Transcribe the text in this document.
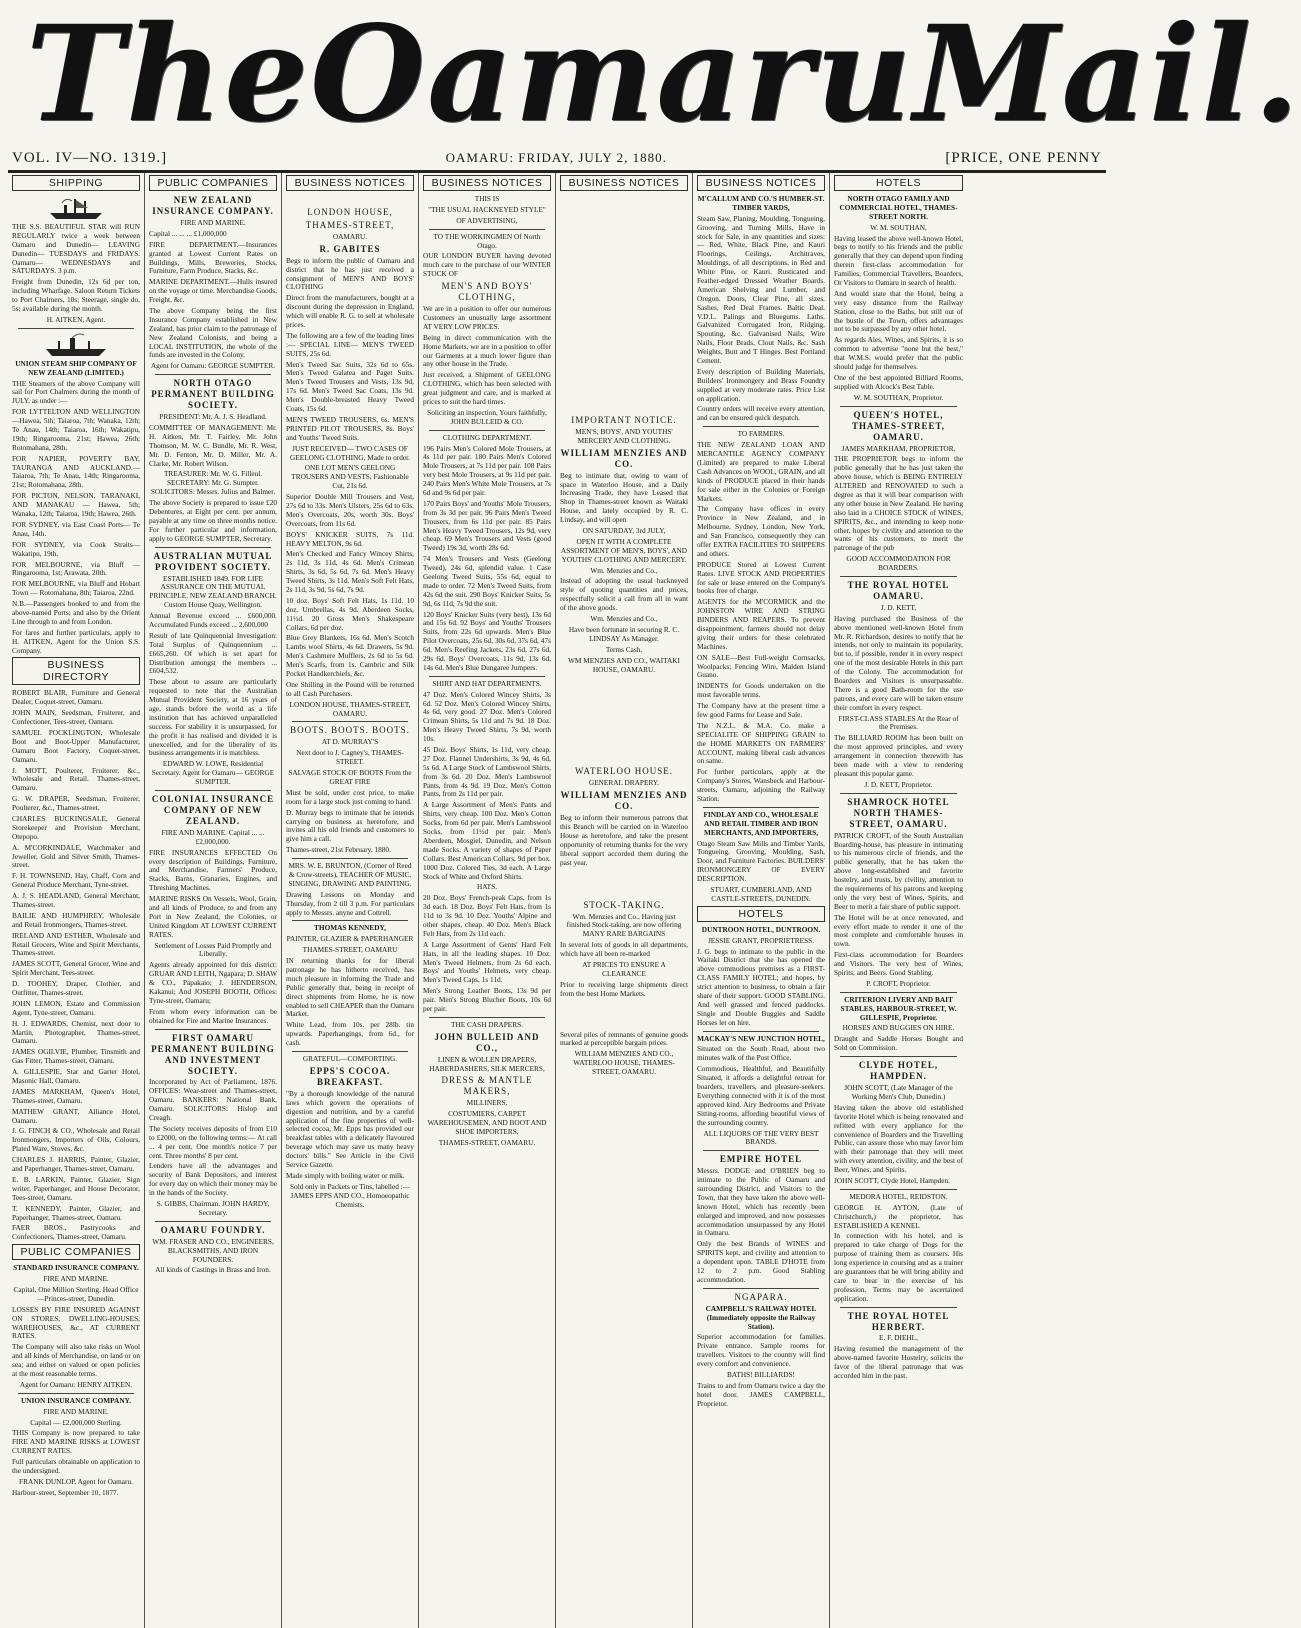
The Oamaru Mail.
VOL. IV—NO. 1319.]	OAMARU: FRIDAY, JULY 2, 1880.	[PRICE, ONE PENNY
SHIPPING

THE S.S. BEAUTIFUL STAR will RUN REGULARLY twice a week between Oamaru and Dunedin— LEAVING Dunedin— TUESDAYS and FRIDAYS. Oamaru— WEDNESDAYS and SATURDAYS. 3 p.m.

Freight from Dunedin, 12s 6d per ton, including Wharfage. Saloon Return Tickets to Port Chalmers, 10s; Steerage, single do, 5s; available during the month.

H. AITKEN, Agent.

UNION STEAM SHIP COMPANY OF NEW ZEALAND (LIMITED.)

THE Steamers of the above Company will sail for Port Chalmers during the month of JULY, as under :—

FOR LYTTELTON AND WELLINGTON —Hawea, 5th; Taiaroa, 7th; Wanaka, 12th; Te Anau, 14th; Taiaroa, 16th; Wakatipu, 19th; Ringarooma, 21st; Hawea, 26th; Rotomahana, 28th.

FOR NAPIER, POVERTY BAY, TAURANGA AND AUCKLAND.—Taiaroa, 7th; Te Anau, 14th; Ringarooma, 21st; Rotomahana, 28th.

FOR PICTON, NELSON, TARANAKI, AND MANAKAU — Hawea, 5th; Wanaka, 12th; Taiaroa, 19th; Hawea, 26th.

FOR SYDNEY, via East Coast Ports— Te Anau, 14th.

FOR SYDNEY, via Cook Straits—Wakatipu, 19th.

FOR MELBOURNE, via Bluff — Ringarooma, 1st; Arawata, 20th.

FOR MELBOURNE, via Bluff and Hobart Town — Rotomahana, 8th; Taiaroa, 22nd.

N.B.—Passengers booked to and from the above-named Ports; and also by the Orient Line through to and from London.

For fares and further particulars, apply to H. AITKEN, Agent for the Union S.S. Company.

BUSINESS DIRECTORY

ROBERT BLAIR, Furniture and General Dealer, Coquet-street, Oamaru.

JOHN MAIN, Seedsman, Fruiterer, and Confectioner, Tees-street, Oamaru.

SAMUEL POCKLINGTON, Wholesale Boot and Boot-Upper Manufacturer, Oamaru Boot Factory, Coquet-street, Oamaru.

J. MOTT, Poulterer, Fruiterer, &c., Wholesale and Retail. Thames-street, Oamaru.

G. W. DRAPER, Seedsman, Fruiterer, Poulterer, &c., Thames-street.

CHARLES BUCKINGSALE, General Storekeeper and Provision Merchant, Otepopo.

A. M'CORKINDALE, Watchmaker and Jeweller, Gold and Silver Smith, Thames-street.

F. H. TOWNSEND, Hay, Chaff, Corn and General Produce Merchant, Tyne-street.

A. J. S. HEADLAND, General Merchant, Thames-street.

BAILIE AND HUMPHREY, Wholesale and Retail Ironmongers, Thames-street.

IRELAND AND ESTHER, Wholesale and Retail Grocers, Wine and Spirit Merchants, Thames-street.

JAMES SCOTT, General Grocer, Wine and Spirit Merchant, Tees-street.

D. TOOHEY, Draper, Clothier, and Outfitter, Thames-street.

JOHN LEMON, Estate and Commission Agent, Tyne-street, Oamaru.

H. J. EDWARDS, Chemist, next door to Martin, Photographer, Thames-street, Oamaru.

JAMES OGILVIE, Plumber, Tinsmith and Gas Fitter, Thames-street, Oamaru.

A. GILLESPIE, Star and Garter Hotel, Masonic Hall, Oamaru.

JAMES MARKHAM, Queen's Hotel, Thames-street, Oamaru.

MATHEW GRANT, Alliance Hotel, Oamaru.

J. G. FINCH & CO., Wholesale and Retail Ironmongers, Importers of Oils, Colours, Plated Ware, Stoves, &c.

CHARLES J. HARRIS, Painter, Glazier, and Paperhanger, Thames-street, Oamaru.

E. B. LARKIN, Painter, Glazier, Sign writer, Paperhanger, and House Decorator, Tees-street, Oamaru.

T. KENNEDY, Painter, Glazier, and Paperhanger, Thames-street, Oamaru.

FAER BROS., Pastrycooks and Confectioners, Thames-street, Oamaru.

PUBLIC COMPANIES

STANDARD INSURANCE COMPANY.

FIRE AND MARINE.

Capital, One Million Sterling. Head Office—Princes-street, Dunedin.

LOSSES BY FIRE INSURED AGAINST ON STORES, DWELLING-HOUSES, WAREHOUSES, &c., AT CURRENT RATES.

The Company will also take risks on Wool and all kinds of Merchandise, on land or on sea; and either on valued or open policies at the most reasonable terms.

Agent for Oamaru: HENRY AITKEN.

UNION INSURANCE COMPANY.

FIRE AND MARINE.

Capital — £2,000,000 Sterling.

THIS Company is now prepared to take FIRE AND MARINE RISKS at LOWEST CURRENT RATES.

Full particulars obtainable on application to the undersigned.

FRANK DUNLOP, Agent for Oamaru.

Harbour-street, September 10, 1877.

PUBLIC COMPANIES

NEW ZEALAND INSURANCE COMPANY.

FIRE AND MARINE.

Capital ... ... ... £1,000,000

FIRE DEPARTMENT.—Insurances granted at Lowest Current Rates on Buildings, Mills, Breweries, Stocks, Furniture, Farm Produce, Stacks, &c.

MARINE DEPARTMENT.—Hulls insured on the voyage or time. Merchandise Goods, Freight, &c.

The above Company being the first Insurance Company established in New Zealand, has prior claim to the patronage of New Zealand Colonists, and being a LOCAL INSTITUTION, the whole of the funds are invested in the Colony.

Agent for Oamaru: GEORGE SUMPTER.

NORTH OTAGO PERMANENT BUILDING SOCIETY.

PRESIDENT: Mr. A. J. S. Headland.

COMMITTEE OF MANAGEMENT: Mr. H. Aitken, Mr. T. Fairley, Mr. John Thomson, M. W. C. Bundle, Mr. R. West, Mr. D. Fenton, Mr. D. Miller, Mr. A. Clarke, Mr. Robert Wilson.

TREASURER: Mr. W. G. Filleul. SECRETARY: Mr. G. Sumpter. SOLICITORS: Messrs. Julius and Balmer.

The above Society is prepared to issue £20 Debentures, at Eight per cent. per annum, payable at any time on three months notice. For further particular and information, apply to GEORGE SUMPTER, Secretary.

AUSTRALIAN MUTUAL PROVIDENT SOCIETY.

ESTABLISHED 1849. FOR LIFE ASSURANCE ON THE MUTUAL PRINCIPLE. NEW ZEALAND BRANCH. Custom House Quay, Wellington.

Annual Revenue exceed ... £600,000. Accumulated Funds exceed ... 2,600,000

Result of late Quinquennial Investigation: Total Surplus of Quinquennium ...£665,260. Of which is set apart for Distribution amongst the members ...£604,532.

These about to assure are particularly requested to note that the Australian Mutual Provident Society, at 16 years of age, stands before the world as a life institution that has achieved unparalleled success. For stability it is unsurpassed, for the profit it has realised and divided it is unexcelled, and for the liberality of its business arrangements it is matchless.

EDWARD W. LOWE, Residential Secretary. Agent for Oamaru— GEORGE SUMPTER.

COLONIAL INSURANCE COMPANY OF NEW ZEALAND.

FIRE AND MARINE. Capital ... ... £2,000,000.

FIRE INSURANCES EFFECTED On every description of Buildings, Furniture, and Merchandise, Farmers' Produce, Stacks, Barns, Granaries, Engines, and Threshing Machines.

MARINE RISKS On Vessels, Wool, Grain, and all kinds of Produce, to and from any Port in New Zealand, the Colonies, or United Kingdom AT LOWEST CURRENT RATES.

Settlement of Losses Paid Promptly and Liberally.

Agents already appointed for this district: GRUAR AND LEITH, Ngapara; D. SHAW & CO., Papakaio; J. HENDERSON, Kakanui; And JOSEPH BOOTH, Offices: Tyne-street, Oamaru;

From whom every information can be obtained for Fire and Marine Insurances.

FIRST OAMARU PERMANENT BUILDING AND INVESTMENT SOCIETY.

Incorporated by Act of Parliament, 1876. OFFICES: Wear-street and Thames-street, Oamaru. BANKERS: National Bank, Oamaru. SOLICITORS: Hislop and Creagh.

The Society receives deposits of from £10 to £2000, on the following terms:— At call ... 4 per cent. One month's notice 7 per cent. Three months' 8 per cent.

Lenders have all the advantages and security of Bank Depositors, and interest for every day on which their money may be in the hands of the Society.

S. GIBBS, Chairman. JOHN HARDY, Secretary.

OAMARU FOUNDRY.

WM. FRASER AND CO., ENGINEERS, BLACKSMITHS, AND IRON FOUNDERS.

All kinds of Castings in Brass and Iron.

BUSINESS NOTICES

LONDON HOUSE,

THAMES-STREET,

OAMARU.

R. GABITES

Begs to inform the public of Oamaru and district that he has just received a consignment of MEN'S AND BOYS' CLOTHING

Direct from the manufacturers, bought at a discount during the depression in England, which will enable R. G. to sell at wholesale prices.

The following are a few of the leading lines :— SPECIAL LINE— MEN'S TWEED SUITS, 25s 6d.

Men's Tweed Sac Suits, 32s 6d to 65s. Men's Tweed Galatea and Paget Suits. Men's Tweed Trousers and Vests, 13s 9d, 17s 6d. Men's Tweed Sac Coats, 13s 9d. Men's Double-breasted Heavy Tweed Coats, 15s 6d.

MEN'S TWEED TROUSERS, 6s. MEN'S PRINTED PILOT TROUSERS, 8s. Boys' and Youths' Tweed Suits.

JUST RECEIVED— TWO CASES OF GEELONG CLOTHING, Made to order.

ONE LOT MEN'S GEELONG TROUSERS AND VESTS, Fashionable Cut, 21s 6d.

Superior Double Mill Trousers and Vest, 27s 6d to 33s. Men's Ulsters, 25s 6d to 63s. Men's Overcoats, 20s, worth 30s. Boys' Overcoats, from 11s 6d.

BOYS' KNICKER SUITS, 7s 11d. HEAVY MELTON, 9s 6d.

Men's Checked and Fancy Wincey Shirts, 2s 11d, 3s 11d, 4s 6d. Men's Crimean Shirts, 3s 6d, 5s 6d, 7s 6d. Men's Heavy Tweed Shirts, 3s 11d. Men's Soft Felt Hats, 2s 11d, 3s 9d, 5s 6d, 7s 9d.

10 doz. Boys' Soft Felt Hats, 1s 11d. 10 doz. Umbrellas, 4s 9d. Aberdeen Socks, 11½d. 20 Gross Men's Shakespeare Collars, 6d per doz.

Blue Grey Blankets, 16s 6d. Men's Scotch Lambs wool Shirts, 4s 6d. Drawers, 5s 9d. Men's Cashmere Mufflers, 2s 6d to 5s 6d. Men's Scarfs, from 1s. Cambric and Silk Pocket Handkerchiefs, &c.

One Shilling in the Pound will be returned to all Cash Purchasers.

LONDON HOUSE, THAMES-STREET, OAMARU.

BOOTS. BOOTS. BOOTS.

AT D. MURRAY'S

Next door to J. Cagney's, THAMES-STREET.

SALVAGE STOCK OF BOOTS From the GREAT FIRE

Must be sold, under cost price, to make room for a large stock just coming to hand.

D. Murray begs to intimate that he intends carrying on business as heretofore, and invites all his old friends and customers to give him a call.

Thames-street, 21st February, 1880.

MRS. W. E. BRUNTON, (Corner of Reed & Crow-streets), TEACHER OF MUSIC, SINGING, DRAWING AND PAINTING.

Drawing Lessons on Monday and Thursday, from 2 till 3 p.m. For particulars apply to Messrs. anyne and Cottrell.

THOMAS KENNEDY,

PAINTER, GLAZIER & PAPERHANGER

THAMES-STREET, OAMARU

IN returning thanks for for liberal patronage he has hitherto received, has much pleasure in informing the Trade and Public generally that, being in receipt of direct shipments from Home, he is now enabled to sell CHEAPER than the Oamaru Market.

White Lead, from 10s. per 28lb. tin upwards. Paperhangings, from 6d., for cash.

GRATEFUL—COMFORTING.

EPPS'S COCOA. BREAKFAST.

"By a thorough knowledge of the natural laws which govern the operations of digestion and nutrition, and by a careful application of the fine properties of well-selected cocoa, Mr. Epps has provided our breakfast tables with a delicately flavoured beverage which may save us many heavy doctors' bills." See Article in the Civil Service Gazette.

Made simply with boiling water or milk.

Sold only in Packets or Tins, labelled :— JAMES EPPS AND CO., Homoeopathic Chemists.

BUSINESS NOTICES

THIS IS

"THE USUAL HACKNEYED STYLE"

OF ADVERTISING,

TO THE WORKINGMEN Of North Otago.

OUR LONDON BUYER having devoted much care to the purchase of our WINTER STOCK OF

MEN'S AND BOYS' CLOTHING,

We are in a position to offer our numerous Customers an unusually large assortment AT VERY LOW PRICES.

Being in direct communication with the Home Markets, we are in a position to offer our Garments at a much lower figure than any other house in the Trade.

Just received, a Shipment of GEELONG CLOTHING, which has been selected with great judgment and care, and is marked at prices to suit the hard times.

Soliciting an inspection, Yours faithfully, JOHN BULLEID & CO.

CLOTHING DEPARTMENT.

196 Pairs Men's Colored Mole Trousers, at 4s 11d per pair. 180 Pairs Men's Colored Mole Trousers, at 7s 11d per pair. 108 Pairs very best Mole Trousers, at 9s 11d per pair. 240 Pairs Men's White Mole Trousers, at 7s 6d and 9s 6d per pair.

170 Pairs Boys' and Youths' Mole Trousers, from 3s 3d per pair. 96 Pairs Men's Tweed Trousers, from 6s 11d per pair. 85 Pairs Men's Heavy Tweed Trousers, 12s 9d, very cheap. 69 Men's Trousers and Vests (good Tweed) 19s 3d, worth 28s 6d.

74 Men's Trousers and Vests (Geelong Tweed), 24s 6d, splendid value. 1 Case Geelong Tweed Suits, 55s 6d, equal to made to order. 72 Men's Tweed Suits, from 42s 6d the suit. 290 Boys' Knicker Suits, 5s 9d, 6s 11d, 7s 9d the suit.

120 Boys' Knicker Suits (very best), 13s 6d and 15s 6d. 92 Boys' and Youths' Trousers Suits, from 22s 6d upwards. Men's Blue Pilot Overcoats, 25s 6d, 30s 6d, 37s 6d, 47s 6d. Men's Reefing Jackets, 23s 6d, 27s 6d, 29s 6d. Boys' Overcoats, 11s 9d, 13s 6d, 14s 6d. Men's Blue Dungaree Jumpers.

SHIRT AND HAT DEPARTMENTS.

47 Doz. Men's Colored Wincey Shirts, 3s 6d. 52 Doz. Men's Colored Wincey Shirts, 4s 6d, very good. 27 Doz. Men's Colored Crimean Shirts, 5s 11d and 7s 9d. 18 Doz. Men's Heavy Tweed Shirts, 7s 9d, worth 10s.

45 Doz. Boys' Shirts, 1s 11d, very cheap. 27 Doz. Flannel Undershirts, 3s 9d, 4s 6d, 5s 6d. A Large Stock of Lambswool Shirts, from 3s 6d. 20 Doz. Men's Lambswool Pants, from 4s 9d. 19 Doz. Men's Cotton Pants, from 2s 11d per pair.

A Large Assortment of Men's Pants and Shirts, very cheap. 100 Doz. Men's Cotton Socks, from 6d per pair. Men's Lambswool Socks, from 11½d per pair. Men's Aberdeen, Mosgiel, Dunedin, and Nelson made Socks. A variety of shapes of Paper Collars. Best American Collars, 9d per box. 1000 Doz. Colored Ties, 3d each. A Large Stock of White and Oxford Shirts.

HATS.

20 Doz. Boys' French-peak Caps, from 1s 3d each. 18 Doz. Boys' Felt Hats, from 1s 11d to 3s 9d. 10 Doz. Youths' Alpine and other shapes, cheap. 40 Doz. Men's Black Felt Hats, from 2s 11d each.

A Large Assortment of Gents' Hard Felt Hats, in all the leading shapes. 10 Doz. Men's Tweed Helmets, from 2s 6d each. Boys' and Youths' Helmets, very cheap. Men's Tweed Caps, 1s 11d.

Men's Strong Leather Boots, 13s 9d per pair. Men's Strong Blucher Boots, 10s 6d per pair.

THE CASH DRAPERS.

JOHN BULLEID AND CO.,

LINEN & WOLLEN DRAPERS, HABERDASHERS, SILK MERCERS,

DRESS & MANTLE MAKERS,

MILLINERS,

COSTUMIERS, CARPET WAREHOUSEMEN, AND BOOT AND SHOE IMPORTERS,

THAMES-STREET, OAMARU.

BUSINESS NOTICES

IMPORTANT NOTICE.

MEN'S, BOYS', AND YOUTHS' MERCERY AND CLOTHING.

WILLIAM MENZIES AND CO.

Beg to intimate that, owing to want of space in Waterloo House, and a Daily Increasing Trade, they have Leased that Shop in Thames-street known as Waitaki House, and lately occupied by R. C. Lindsay, and will open

ON SATURDAY, 3rd JULY,

OPEN IT WITH A COMPLETE ASSORTMENT OF MEN'S, BOYS', AND YOUTHS' CLOTHING AND MERCERY.

Wm. Menzies and Co.,

Instead of adopting the usual hackneyed style of quoting quantities and prices, respectfully solicit a call from all in want of the above goods.

Wm. Menzies and Co.,

Have been fortunate in securing R. C. LINDSAY As Manager.

Terms Cash.

WM MENZIES AND CO., WAITAKI HOUSE, OAMARU.

WATERLOO HOUSE.

GENERAL DRAPERY.

WILLIAM MENZIES AND CO.

Beg to inform their numerous patrons that this Branch will be carried on in Waterloo House as heretofore, and take the present opportunity of returning thanks for the very liberal support accorded them during the past year.

STOCK-TAKING.

Wm. Menzies and Co., Having just finished Stock-taking, are now offering MANY RARE BARGAINS

In several lots of goods in all departments, which have all been re-marked

AT PRICES TO ENSURE A CLEARANCE

Prior to receiving large shipments direct from the best Home Markets.

Several piles of remnants of genuine goods marked at perceptible bargain prices.

WILLIAM MENZIES AND CO., WATERLOO HOUSE, THAMES-STREET, OAMARU.

BUSINESS NOTICES

M'CALLUM AND CO.'S HUMBER-ST. TIMBER YARDS,

Steam Saw, Planing, Moulding, Tongueing, Grooving, and Turning Mills, Have in stock for Sale, in any quantities and sizes:— Red, White, Black Pine, and Kauri Floorings, Ceilings, Architraves, Mouldings, of all descriptions, in Red and White Pine, or Kauri. Rusticated and Feather-edged Dressed Weather Boards. American Shelving and Lumber, and Oregon. Doors, Clear Pine, all sizes. Sashes, Red Deal Frames. Baltic Deal. V.D.L. Palings and Bluegums. Laths. Galvanized Corrugated Iron, Ridging, Spouting, &c. Galvanised Nails, Wire Nails, Floor Brads, Clout Nails, &c. Sash Weights, Butt and T Hinges. Best Portland Cement.

Every description of Building Materials, Builders' Ironmongery and Brass Foundry supplied at very moderate rates. Price List on application.

Country orders will receive every attention, and can be ensured quick despatch.

TO FARMERS.

THE NEW ZEALAND LOAN AND MERCANTILE AGENCY COMPANY (Limited) are prepared to make Liberal Cash Advances on WOOL, GRAIN, and all kinds of PRODUCE placed in their hands for sale either in the Colonies or Foreign Markets.

The Company have offices in every Province in New Zealand, and in Melbourne, Sydney, London, New York, and San Francisco, consequently they can offer EXTRA FACILITIES TO SHIPPERS and others.

PRODUCE Stored at Lowest Current Rates. LIVE STOCK AND PROPERTIES for sale or lease entered on the Company's books free of charge.

AGENTS for the M'CORMICK and the JOHNSTON WIRE AND STRING BINDERS AND REAPERS. To prevent disappointment, farmers should not delay giving their orders for these celebrated Machines.

ON SALE—Best Full-weight Cornsacks, Woolpacks; Fencing Wire, Malden Island Guano.

INDENTS for Goods undertaken on the most favorable terms.

The Company have at the present time a few good Farms for Lease and Sale.

The N.Z.L. & M.A. Co. make a SPECIALITE OF SHIPPING GRAIN to the HOME MARKETS ON FARMERS' ACCOUNT, making liberal cash advances on same.

For further particulars, apply at the Company's Stores, Wansbeck and Harbour-streets, Oamaru, adjoining the Railway Station.

FINDLAY AND CO., WHOLESALE AND RETAIL TIMBER AND IRON MERCHANTS, AND IMPORTERS,

Otago Steam Saw Mills and Timber Yards, Tongueing, Grooving, Moulding, Sash, Door, and Furniture Factories. BUILDERS' IRONMONGERY OF EVERY DESCRIPTION.

STUART, CUMBERLAND, AND CASTLE-STREETS, DUNEDIN.

HOTELS

DUNTROON HOTEL, DUNTROON.

JESSIE GRANT, PROPRIETRESS.

J. G. begs to intimate to the public in the Waitaki District that she has opened the above commodious premises as a FIRST-CLASS FAMILY HOTEL; and hopes, by strict attention to business, to obtain a fair share of their support. GOOD STABLING. And well grassed and fenced paddocks. Single and Double Buggies and Saddle Horses let on hire.

MACKAY'S NEW JUNCTION HOTEL,

Situated on the South Road, about two minutes walk of the Post Office.

Commodious, Healthful, and Beautifully Situated, it affords a delightful retreat for boarders, travellers, and pleasure-seekers. Everything connected with it is of the most approved kind. Airy Bedrooms and Private Sitting-rooms, affording beautiful views of the surrounding country.

ALL LIQUORS OF THE VERY BEST BRANDS.

EMPIRE HOTEL

Messrs. DODGE and O'BRIEN beg to intimate to the Public of Oamaru and surrounding District, and Visitors to the Town, that they have taken the above well-known Hotel, which has recently been enlarged and improved, and now possesses accommodation unsurpassed by any Hotel in Oamaru.

Only the best Brands of WINES and SPIRITS kept, and civility and attention to a dependent upon. TABLE D'HOTE from 12 to 2 p.m. Good Stabling accommodation.

NGAPARA.

CAMPBELL'S RAILWAY HOTEL (Immediately opposite the Railway Station).

Superior accommodation for families. Private entrance. Sample rooms for travellers. Visitors to the country will find every comfort and convenience.

BATHS! BILLIARDS!

Trains to and from Oamaru twice a day the hotel door. JAMES CAMPBELL, Proprietor.

HOTELS

NORTH OTAGO FAMILY AND COMMERCIAL HOTEL, THAMES-STREET NORTH.

W. M. SOUTHAN,

Having leased the above well-known Hotel, begs to notify to his friends and the public generally that they can depend upon finding therein first-class accommodation for Families, Commercial Travellers, Boarders, Or Visitors to Oamaru in search of health.

And would state that the Hotel, being a very easy distance from the Railway Station, close to the Baths, but still out of the bustle of the Town, offers advantages not to be surpassed by any other hotel.

As regards Ales, Wines, and Spirits, it is so common to advertise "none but the best," that W.M.S. would prefer that the public should judge for themselves.

One of the best appointed Billiard Rooms, supplied with Alcock's Best Table.

W. M. SOUTHAN, Proprietor.

QUEEN'S HOTEL, THAMES-STREET, OAMARU.

JAMES MARKHAM, PROPRIETOR.

THE PROPRIETOR begs to inform the public generally that he has just taken the above house, which is BEING ENTIRELY ALTERED and RENOVATED to such a degree as that it will bear comparison with any other house in New Zealand. He having also laid in a CHOICE STOCK of WINES, SPIRITS, &c., and intending to keep none other, hopes by civility and attention to the wants of his customers, to merit the patronage of the pub

GOOD ACCOMMODATION FOR BOARDERS.

THE ROYAL HOTEL OAMARU.

J. D. KETT,

Having purchased the Business of the above mentioned well-known Hotel from Mr. R. Richardson, desires to notify that he intends, not only to maintain its popularity, but to, if possible, render it in every respect one of the most desirable Hotels in this part of the Colony. The accommodation for Boarders and Visitors is unsurpassable. There is a good Bath-room for the use patrons, and every care will be taken ensure their comfort in every respect.

FIRST-CLASS STABLES At the Rear of the Premises.

The BILLIARD ROOM has been built on the most approved principles, and every arrangement in connection therewith has been made with a view to rendering pleasant this popular game.

J. D. KETT, Proprietor.

SHAMROCK HOTEL NORTH THAMES-STREET, OAMARU.

PATRICK CROFT, of the South Australian Boarding-house, has pleasure in intimating to his numerous circle of friends, and the public generally, that he has taken the above long-established and favorite hostelry, and trusts, by civility, attention to the requirements of his patrons and keeping only the very best of Wines, Spirits, and Beer to merit a fair share of public support.

The Hotel will be at once renovated, and every effort made to render it one of the most complete and comfortable houses in town.

First-class accommodation for Boarders and Visitors. The very best of Wines, Spirits, and Beers. Good Stabling.

P. CROFT, Proprietor.

CRITERION LIVERY AND BAIT STABLES, HARBOUR-STREET, W. GILLESPIE, Proprietor.

HORSES AND BUGGIES ON HIRE.

Draught and Saddle Horses Bought and Sold on Commission.

CLYDE HOTEL, HAMPDEN.

JOHN SCOTT, (Late Manager of the Working Men's Club, Dunedin.)

Having taken the above old established favorite Hotel which is being renovated and refitted with every appliance for the convenience of Boarders and the Travelling Public, can assure those who may favor him with their patronage that they will meet with every attention, civility, and the best of Beer, Wines, and Spirits.

JOHN SCOTT, Clyde Hotel, Hampden.

MEDORA HOTEL, REIDSTON.

GEORGE H. AYTON, (Late of Christchurch,) the proprietor, has ESTABLISHED A KENNEL

In connection with his hotel, and is prepared to take charge of Dogs for the purpose of training them as coursers. His long experience in coursing and as a trainer are guarantees that he will bring ability and care to bear in the exercise of his profession. Terms may be ascertained application.

THE ROYAL HOTEL HERBERT.

E. F. DIEHL,

Having resumed the management of the above-named favorite Hostelry, solicits the favor of the liberal patronage that was accorded him in the past.
